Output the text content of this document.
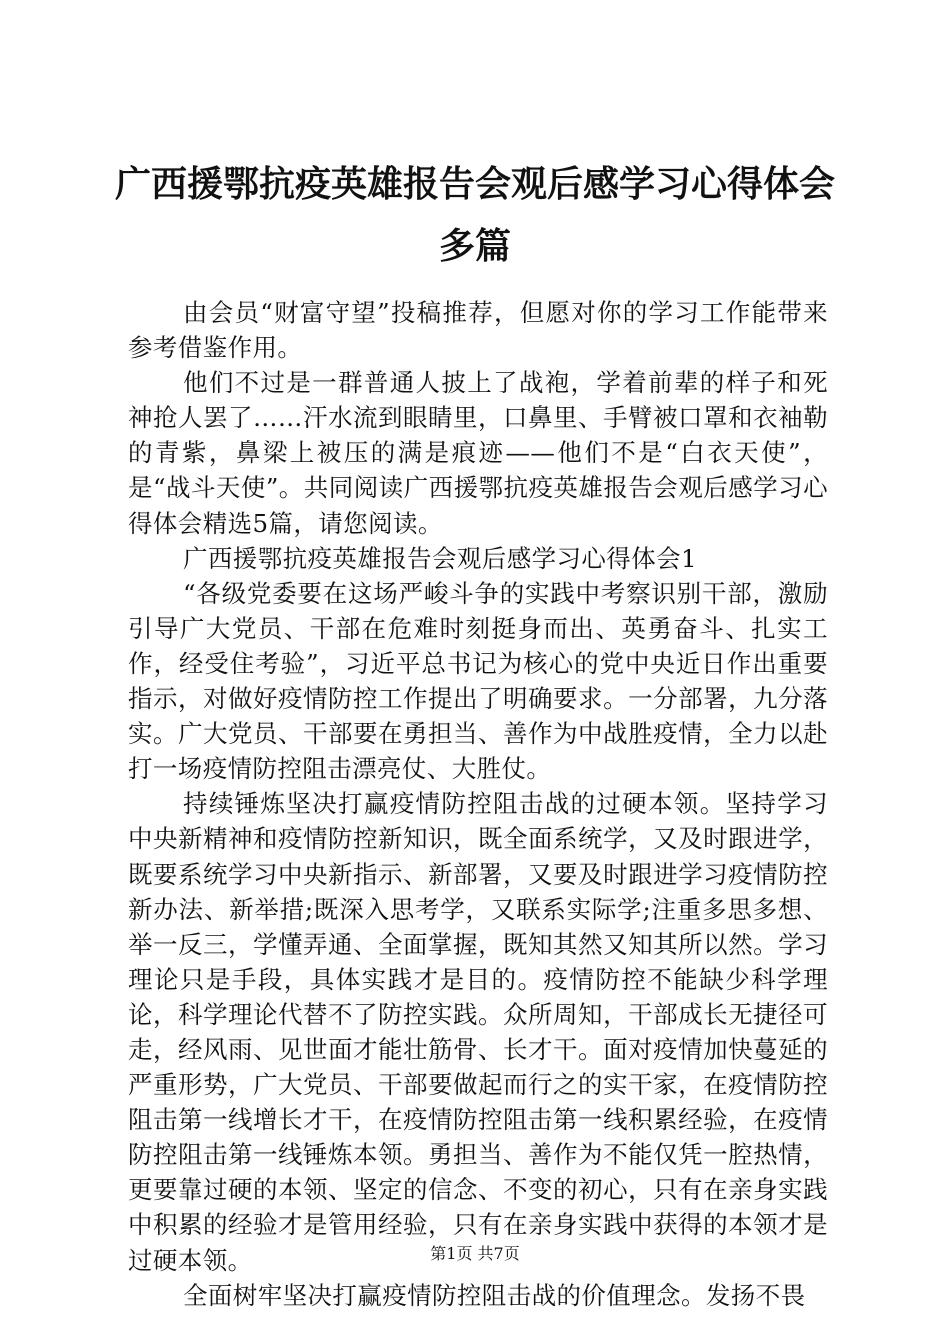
广西援鄂抗疫英雄报告会观后感学习心得体会
多篇

由会员“财富守望”投稿推荐，但愿对你的学习工作能带来参考借鉴作用。

他们不过是一群普通人披上了战袍，学着前辈的样子和死神抢人罢了……汗水流到眼睛里，口鼻里、手臂被口罩和衣袖勒的青紫，鼻梁上被压的满是痕迹——他们不是“白衣天使”，是“战斗天使”。共同阅读广西援鄂抗疫英雄报告会观后感学习心得体会精选5篇，请您阅读。

广西援鄂抗疫英雄报告会观后感学习心得体会1

“各级党委要在这场严峻斗争的实践中考察识别干部，激励引导广大党员、干部在危难时刻挺身而出、英勇奋斗、扎实工作，经受住考验”，习近平总书记为核心的党中央近日作出重要指示，对做好疫情防控工作提出了明确要求。一分部署，九分落实。广大党员、干部要在勇担当、善作为中战胜疫情，全力以赴打一场疫情防控阻击漂亮仗、大胜仗。

持续锤炼坚决打赢疫情防控阻击战的过硬本领。坚持学习中央新精神和疫情防控新知识，既全面系统学，又及时跟进学，既要系统学习中央新指示、新部署，又要及时跟进学习疫情防控新办法、新举措;既深入思考学，又联系实际学;注重多思多想、举一反三，学懂弄通、全面掌握，既知其然又知其所以然。学习理论只是手段，具体实践才是目的。疫情防控不能缺少科学理论，科学理论代替不了防控实践。众所周知，干部成长无捷径可走，经风雨、见世面才能壮筋骨、长才干。面对疫情加快蔓延的严重形势，广大党员、干部要做起而行之的实干家，在疫情防控阻击第一线增长才干，在疫情防控阻击第一线积累经验，在疫情防控阻击第一线锤炼本领。勇担当、善作为不能仅凭一腔热情，更要靠过硬的本领、坚定的信念、不变的初心，只有在亲身实践中积累的经验才是管用经验，只有在亲身实践中获得的本领才是过硬本领。

全面树牢坚决打赢疫情防控阻击战的价值理念。发扬不畏

第1页 共7页
